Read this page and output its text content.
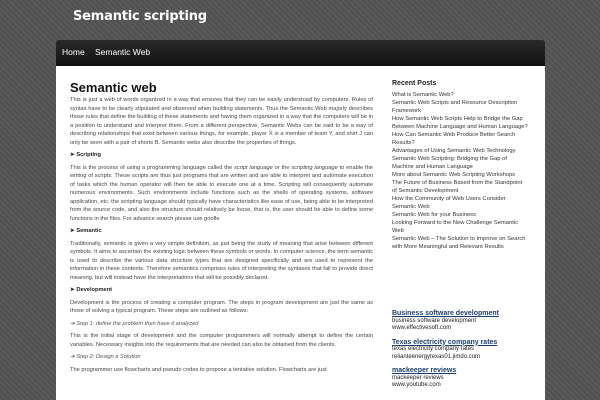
Semantic scripting
Home Semantic Web
Semantic web

This is just a web of words organized in a way that ensures that they can be easily understood by computers. Rules of syntax have to be clearly stipulated and observed when building statements. Thus the Semantic Web majorly describes those rules that define the building of these statements and having them organized in a way that the computers will be in a position to understand and interpret them. From a different perspective, Semantic Webs can be said to be a way of describing relationships that exist between various things, for example, player X is a member of team Y, and shirt J can only be worn with a pair of shorts B. Semantic webs also describe the properties of things.

➤ Scripting

This is the process of using a programming language called the script language or the scripting language to enable the writing of scripts. These scripts are thus just programs that are written and are able to interpret and automate execution of tasks which the human operator will then be able to execute one at a time. Scripting will consequently automate numerous environments. Such environments include functions such as the shells of operating systems, software application, etc. the scripting language should typically have characteristics like ease of use, being able to be interpreted from the source code, and also the structure should relatively be loose, that is, the user should be able to define some functions in the files. For advance search please use goofle

➤ Semantic

Traditionally, semantic is given a very simple definition, as just being the study of meaning that arise between different symbols. It aims to ascertain the existing logic between these symbols or words. In computer science, the term semantic is used to describe the various data structure types that are designed specifically and are used to represent the information in these contents. Therefore semantics comprises rules of interpreting the syntaxes that fail to provide direct meaning, but will instead have the interpretations that will be possibly declared.

➤ Development

Development is the process of creating a computer program. The steps in program development are just the same as those of solving a typical program. These steps are outlined as follows:

➔ Step 1: define the problem then have it analyzed

This is the initial stage of development and the computer programmers will normally attempt to define the certain variables. Necessary insights into the requirements that are needed can also be obtained from the clients.

➔ Step 2: Design a Solution

The programmer use flowcharts and pseudo codes to propose a tentative solution. Flowcharts are just

Recent Posts
What is Semantic Web?
Semantic Web Scripts and Resource Description Framework
How Semantic Web Scripts Help to Bridge the Gap Between Machine Language and Human Language?
How Can Semantic Web Produce Better Search Results?
Advantages of Using Semantic Web Technology
Semantic Web Scripting: Bridging the Gap of Machine and Human Language
More about Semantic Web Scripting Workshops
The Future of Business Based from the Standpoint of Semantic Development
How the Community of Web Users Consider Semantic Web
Semantic Web for your Business
Looking Forward to the New Challenge Semantic Web
Semantic Web – The Solution to Improve on Search with More Meaningful and Relevant Results
Business software development
business software development
www.effectivesoft.com
Texas electricity company rates
texas electricity company rates
relianteenergytexas01.jimdo.com
mackeeper reviews
mackeeper reviews
www.youtube.com
